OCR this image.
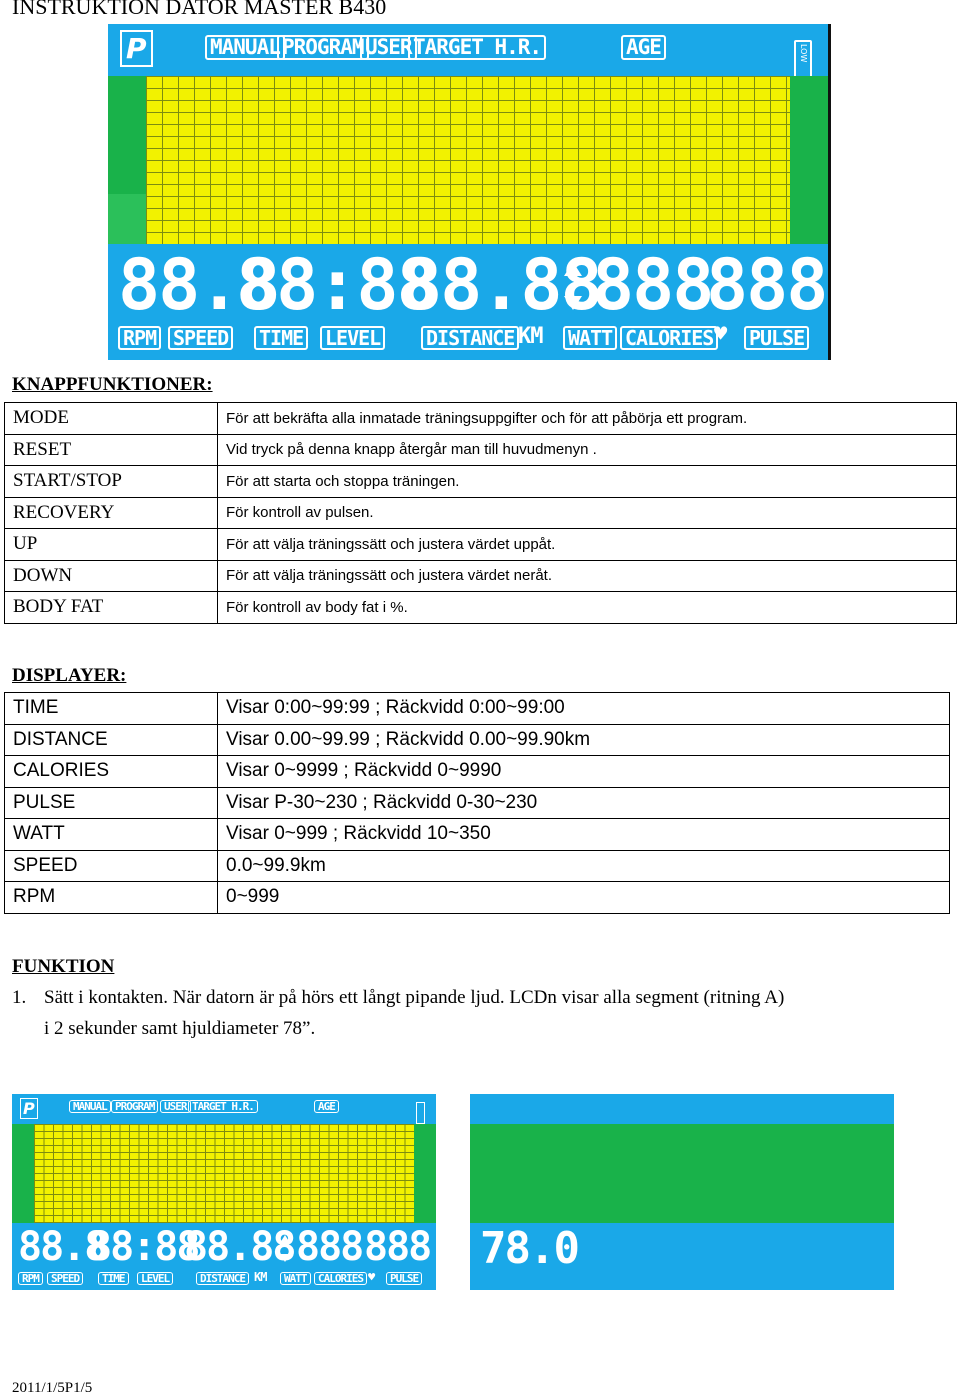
INSTRUKTION DATOR MASTER B430
P	MANUAL PROGRAM USER TARGET H.R.	AGE	LOW
88.8
88:88
88.88
888
888
RPM SPEED TIME LEVEL DISTANCE KM WATT CALORIES ♥ PULSE
KNAPPFUNKTIONER:
MODE	För att bekräfta alla inmatade träningsuppgifter och för att påbörja ett program.
RESET	Vid tryck på denna knapp återgår man till huvudmenyn .
START/STOP	För att starta och stoppa träningen.
RECOVERY	För kontroll av pulsen.
UP	För att välja träningssätt och justera värdet uppåt.
DOWN	För att välja träningssätt och justera värdet neråt.
BODY FAT	För kontroll av body fat i %.
DISPLAYER:
TIME	Visar 0:00~99:99 ; Räckvidd 0:00~99:00
DISTANCE	Visar 0.00~99.99 ; Räckvidd 0.00~99.90km
CALORIES	Visar 0~9999 ; Räckvidd 0~9990
PULSE	Visar P-30~230 ; Räckvidd 0-30~230
WATT	Visar 0~999 ; Räckvidd 10~350
SPEED	0.0~99.9km
RPM	0~999
FUNKTION
1. Sätt i kontakten. När datorn är på hörs ett långt pipande ljud. LCDn visar alla segment (ritning A)
i 2 sekunder samt hjuldiameter 78”.
P	MANUAL PROGRAM USER TARGET H.R.	AGE
88.8
88:88
88.88 888 888
RPM	SPEED	TIME	LEVEL	DISTANCE KM	WATT	CALORIES ♥	PULSE
78.0
2011/1/5P1/5
